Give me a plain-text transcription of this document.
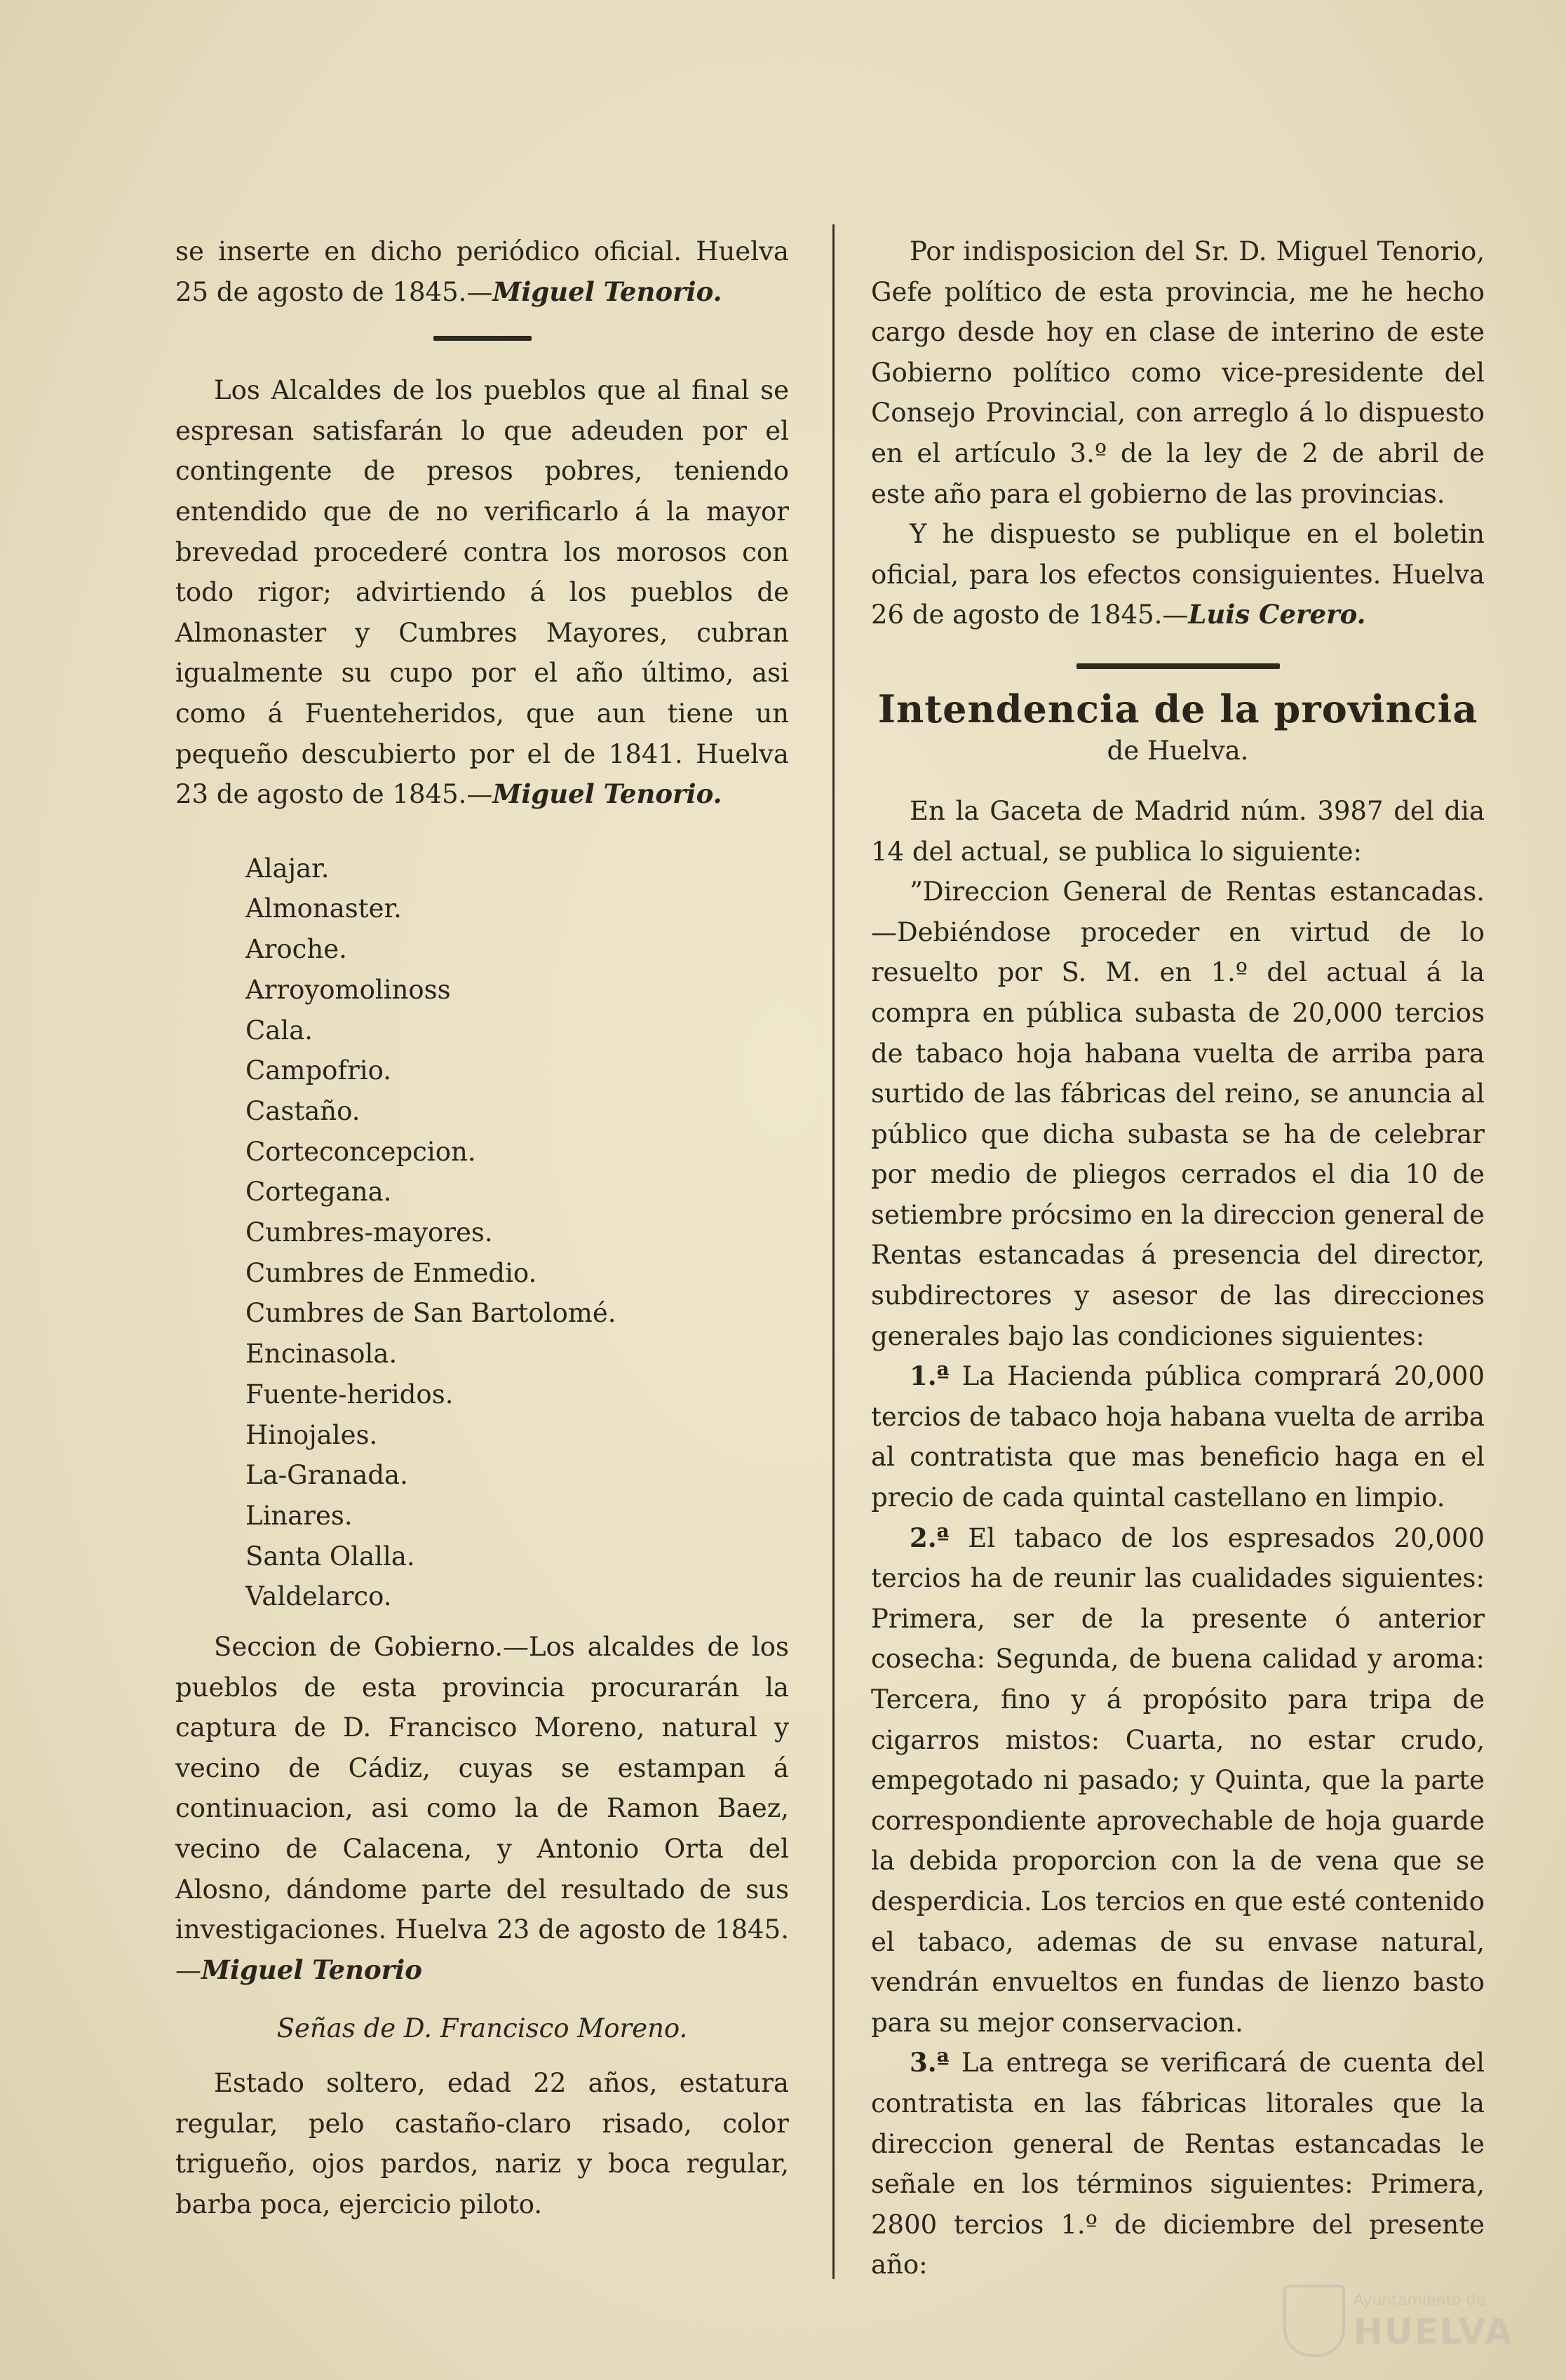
se inserte en dicho periódico oficial. Huelva 25 de agosto de 1845.—Miguel Tenorio.

Los Alcaldes de los pueblos que al final se espresan satisfarán lo que adeuden por el contingente de presos pobres, teniendo entendido que de no verificarlo á la mayor brevedad procederé contra los morosos con todo rigor; advirtiendo á los pueblos de Almonaster y Cumbres Mayores, cubran igualmente su cupo por el año último, asi como á Fuenteheridos, que aun tiene un pequeño descubierto por el de 1841. Huelva 23 de agosto de 1845.—Miguel Tenorio.

Alajar.
Almonaster.
Aroche.
Arroyomolinoss
Cala.
Campofrio.
Castaño.
Corteconcepcion.
Cortegana.
Cumbres-mayores.
Cumbres de Enmedio.
Cumbres de San Bartolomé.
Encinasola.
Fuente-heridos.
Hinojales.
La-Granada.
Linares.
Santa Olalla.
Valdelarco.

Seccion de Gobierno.—Los alcaldes de los pueblos de esta provincia procurarán la captura de D. Francisco Moreno, natural y vecino de Cádiz, cuyas se estampan á continuacion, asi como la de Ramon Baez, vecino de Calacena, y Antonio Orta del Alosno, dándome parte del resultado de sus investigaciones. Huelva 23 de agosto de 1845.—Miguel Tenorio

Señas de D. Francisco Moreno.

Estado soltero, edad 22 años, estatura regular, pelo castaño-claro risado, color trigueño, ojos pardos, nariz y boca regular, barba poca, ejercicio piloto.

Por indisposicion del Sr. D. Miguel Tenorio, Gefe político de esta provincia, me he hecho cargo desde hoy en clase de interino de este Gobierno político como vice-presidente del Consejo Provincial, con arreglo á lo dispuesto en el artículo 3.º de la ley de 2 de abril de este año para el gobierno de las provincias.

Y he dispuesto se publique en el boletin oficial, para los efectos consiguientes. Huelva 26 de agosto de 1845.—Luis Cerero.

Intendencia de la provincia
de Huelva.

En la Gaceta de Madrid núm. 3987 del dia 14 del actual, se publica lo siguiente:

”Direccion General de Rentas estancadas. —Debiéndose proceder en virtud de lo resuelto por S. M. en 1.º del actual á la compra en pública subasta de 20,000 tercios de tabaco hoja habana vuelta de arriba para surtido de las fábricas del reino, se anuncia al público que dicha subasta se ha de celebrar por medio de pliegos cerrados el dia 10 de setiembre prócsimo en la direccion general de Rentas estancadas á presencia del director, subdirectores y asesor de las direcciones generales bajo las condiciones siguientes:

1.ª La Hacienda pública comprará 20,000 tercios de tabaco hoja habana vuelta de arriba al contratista que mas beneficio haga en el precio de cada quintal castellano en limpio.

2.ª El tabaco de los espresados 20,000 tercios ha de reunir las cualidades siguientes: Primera, ser de la presente ó anterior cosecha: Segunda, de buena calidad y aroma: Tercera, fino y á propósito para tripa de cigarros mistos: Cuarta, no estar crudo, empegotado ni pasado; y Quinta, que la parte correspondiente aprovechable de hoja guarde la debida proporcion con la de vena que se desperdicia. Los tercios en que esté contenido el tabaco, ademas de su envase natural, vendrán envueltos en fundas de lienzo basto para su mejor conservacion.

3.ª La entrega se verificará de cuenta del contratista en las fábricas litorales que la direccion general de Rentas estancadas le señale en los términos siguientes: Primera, 2800 tercios 1.º de diciembre del presente año:

Ayuntamiento de
HUELVA
